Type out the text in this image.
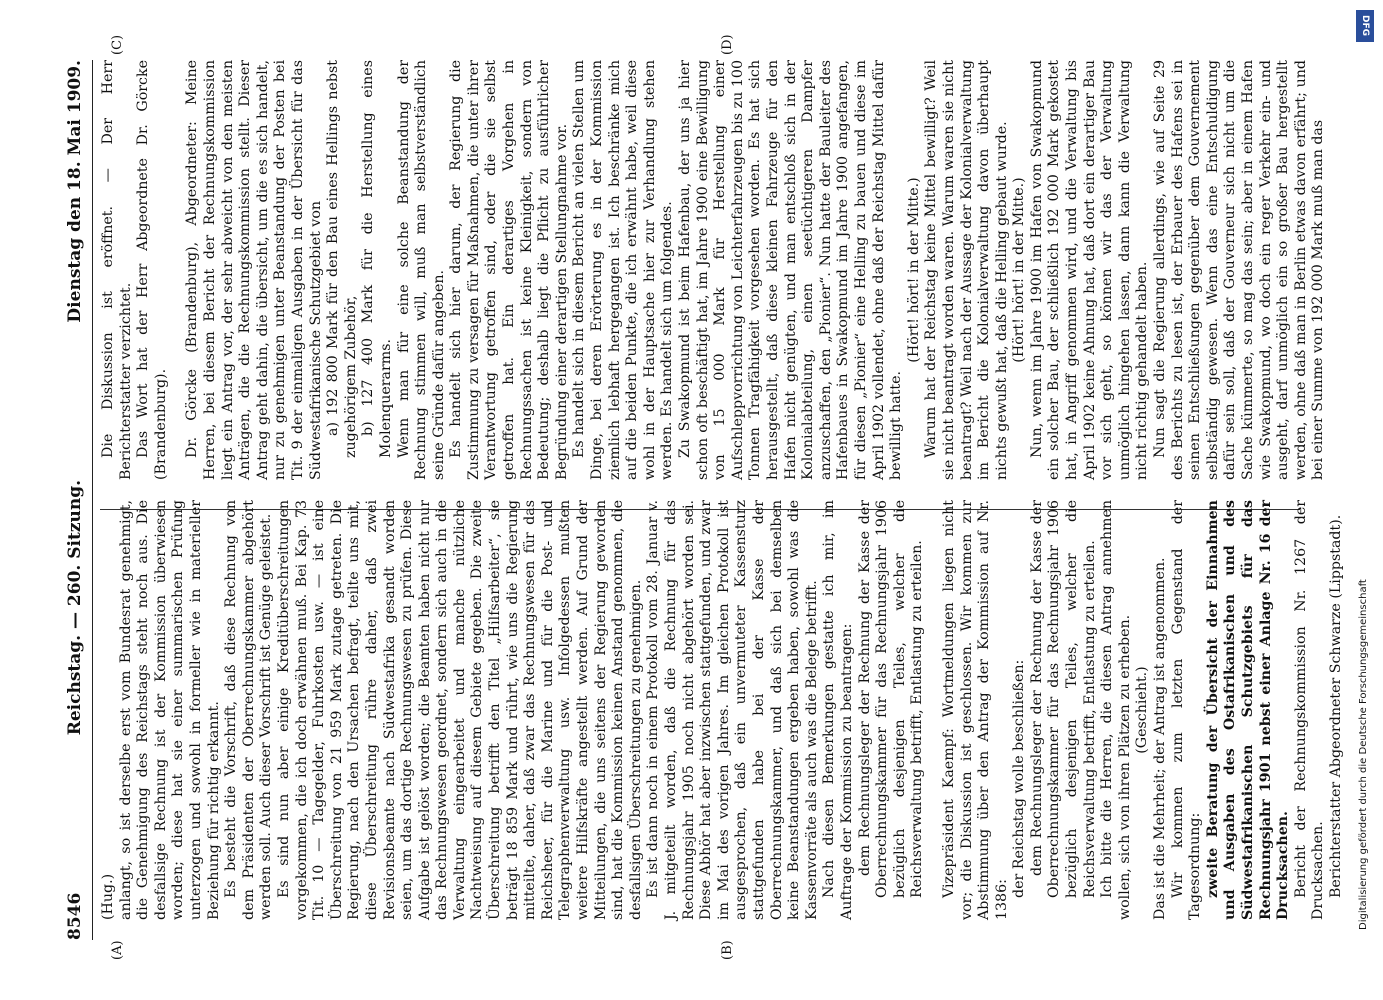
8546
Reichstag. — 260. Sitzung.
Dienstag den 18. Mai 1909.
(A)	(B)
(C)	(D)

(Hug.) anlangt, so ist derselbe erst vom Bundesrat genehmigt, die Genehmigung des Reichstags steht noch aus. Die desfallsige Rechnung ist der Kommission überwiesen worden; diese hat sie einer summarischen Prüfung unterzogen und sowohl in formeller wie in materieller Beziehung für richtig erkannt. Es besteht die Vorschrift, daß diese Rechnung von dem Präsidenten der Oberrechnungskammer abgehört werden soll. Auch dieser Vorschrift ist Genüge geleistet. Es sind nun aber einige Kreditüberschreitungen vorgekommen, die ich doch erwähnen muß. Bei Kap. 73 Tit. 10 — Tagegelder, Fuhrkosten usw. — ist eine Überschreitung von 21 959 Mark zutage getreten. Die Regierung, nach den Ursachen befragt, teilte uns mit, diese Überschreitung rühre daher, daß zwei Revisionsbeamte nach Südwestafrika gesandt worden seien, um das dortige Rechnungswesen zu prüfen. Diese Aufgabe ist gelöst worden; die Beamten haben nicht nur das Rechnungswesen geordnet, sondern sich auch in die Verwaltung eingearbeitet und manche nützliche Nachtweisung auf diesem Gebiete gegeben. Die zweite Überschreitung betrifft den Titel „Hilfsarbeiter“, sie beträgt 18 859 Mark und rührt, wie uns die Regierung mitteilte, daher, daß zwar das Rechnungswesen für das Reichsheer, für die Marine und für die Post- und Telegraphenverwaltung usw. Infolgedessen mußten weitere Hilfskräfte angestellt werden. Auf Grund der Mitteilungen, die uns seitens der Regierung geworden sind, hat die Kommission keinen Anstand genommen, die desfallsigen Überschreitungen zu genehmigen. Es ist dann noch in einem Protokoll vom 28. Januar v. J. mitgeteilt worden, daß die Rechnung für das Rechnungsjahr 1905 noch nicht abgehört worden sei. Diese Abhör hat aber inzwischen stattgefunden, und zwar im Mai des vorigen Jahres. Im gleichen Protokoll ist ausgesprochen, daß ein unvermuteter Kassensturz stattgefunden habe bei der Kasse der Oberrechnungskammer, und daß sich bei demselben keine Beanstandungen ergeben haben, sowohl was die Kassenvorräte als auch was die Belege betrifft. Nach diesen Bemerkungen gestatte ich mir, im Auftrage der Kommission zu beantragen: dem Rechnungsleger der Rechnung der Kasse der Oberrechnungskammer für das Rechnungsjahr 1906 bezüglich desjenigen Teiles, welcher die Reichsverwaltung betrifft, Entlastung zu erteilen. Vizepräsident Kaempf: Wortmeldungen liegen nicht vor; die Diskussion ist geschlossen. Wir kommen zur Abstimmung über den Antrag der Kommission auf Nr. 1386:

der Reichstag wolle beschließen: dem Rechnungsleger der Rechnung der Kasse der Oberrechnungskammer für das Rechnungsjahr 1906 bezüglich desjenigen Teiles, welcher die Reichsverwaltung betrifft, Entlastung zu erteilen. Ich bitte die Herren, die diesen Antrag annehmen wollen, sich von ihren Plätzen zu erheben. (Geschieht.) Das ist die Mehrheit; der Antrag ist angenommen. Wir kommen zum letzten Gegenstand der Tagesordnung: zweite Beratung der Übersicht der Einnahmen und Ausgaben des Ostafrikanischen und des Südwestafrikanischen Schutzgebiets für das Rechnungsjahr 1901 nebst einer Anlage Nr. 16 der Drucksachen. Bericht der Rechnungskommission Nr. 1267 der Drucksachen. Berichterstatter Abgeordneter Schwarze (Lippstadt).

Die Diskussion ist eröffnet. — Der Herr Berichterstatter verzichtet. Das Wort hat der Herr Abgeordnete Dr. Görcke (Brandenburg). Dr. Görcke (Brandenburg), Abgeordneter: Meine Herren, bei diesem Bericht der Rechnungskommission liegt ein Antrag vor, der sehr abweicht von den meisten Anträgen, die die Rechnungskommission stellt. Dieser Antrag geht dahin, die übersicht, um die es sich handelt, nur zu genehmigen unter Beanstandung der Posten bei Tit. 9 der einmaligen Ausgaben in der Übersicht für das Südwestafrikanische Schutzgebiet von a) 192 800 Mark für den Bau eines Hellings nebst zugehörigem Zubehör, b) 127 400 Mark für die Herstellung eines Molenquerarms. Wenn man für eine solche Beanstandung der Rechnung stimmen will, muß man selbstverständlich seine Gründe dafür angeben. Es handelt sich hier darum, der Regierung die Zustimmung zu versagen für Maßnahmen, die unter ihrer Verantwortung getroffen sind, oder die sie selbst getroffen hat. Ein derartiges Vorgehen in Rechnungssachen ist keine Kleinigkeit, sondern von Bedeutung; deshalb liegt die Pflicht zu ausführlicher Begründung einer derartigen Stellungnahme vor. Es handelt sich in diesem Bericht an vielen Stellen um Dinge, bei deren Erörterung es in der Kommission ziemlich lebhaft hergegangen ist. Ich beschränke mich auf die beiden Punkte, die ich erwähnt habe, weil diese wohl in der Hauptsache hier zur Verhandlung stehen werden. Es handelt sich um folgendes. Zu Swakopmund ist beim Hafenbau, der uns ja hier schon oft beschäftigt hat, im Jahre 1900 eine Bewilligung von 15 000 Mark für Herstellung einer Aufschleppvorrichtung von Leichterfahrzeugen bis zu 100 Tonnen Tragfähigkeit vorgesehen worden. Es hat sich herausgestellt, daß diese kleinen Fahrzeuge für den Hafen nicht genügten, und man entschloß sich in der Kolonialabteilung, einen seetüchtigeren Dampfer anzuschaffen, den „Pionier“. Nun hatte der Bauleiter des Hafenbaues in Swakopmund im Jahre 1900 angefangen, für diesen „Pionier“ eine Helling zu bauen und diese im April 1902 vollendet, ohne daß der Reichstag Mittel dafür bewilligt hatte.

(Hört! hört! in der Mitte.) Warum hat der Reichstag keine Mittel bewilligt? Weil sie nicht beantragt worden waren. Warum waren sie nicht beantragt? Weil nach der Aussage der Kolonialverwaltung im Bericht die Kolonialverwaltung davon überhaupt nichts gewußt hat, daß die Helling gebaut wurde. (Hört! hört! in der Mitte.) Nun, wenn im Jahre 1900 im Hafen von Swakopmund ein solcher Bau, der schließlich 192 000 Mark gekostet hat, in Angriff genommen wird, und die Verwaltung bis April 1902 keine Ahnung hat, daß dort ein derartiger Bau vor sich geht, so können wir das der Verwaltung unmöglich hingehen lassen, dann kann die Verwaltung nicht richtig gehandelt haben. Nun sagt die Regierung allerdings, wie auf Seite 29 des Berichts zu lesen ist, der Erbauer des Hafens sei in seinen Entschließungen gegenüber dem Gouvernement selbständig gewesen. Wenn das eine Entschuldigung dafür sein soll, daß der Gouverneur sich nicht um die Sache kümmerte, so mag das sein; aber in einem Hafen wie Swakopmund, wo doch ein reger Verkehr ein- und ausgeht, darf unmöglich ein so großer Bau hergestellt werden, ohne daß man in Berlin etwas davon erfährt; und bei einer Summe von 192 000 Mark muß man das

DFG
Digitalisierung gefördert durch die Deutsche Forschungsgemeinschaft
